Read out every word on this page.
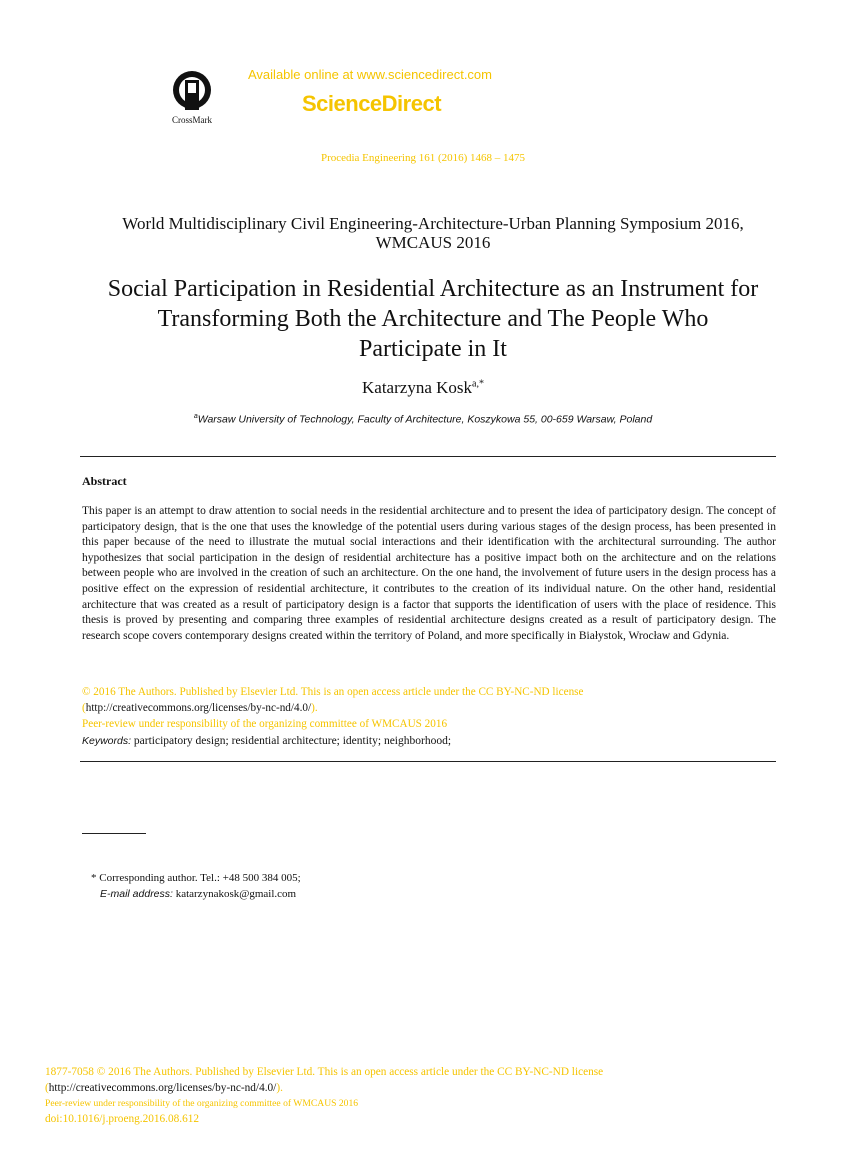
CrossMark
Available online at www.sciencedirect.com
ScienceDirect
Procedia Engineering 161 (2016) 1468 – 1475
World Multidisciplinary Civil Engineering-Architecture-Urban Planning Symposium 2016,
WMCAUS 2016
Social Participation in Residential Architecture as an Instrument for
Transforming Both the Architecture and The People Who
Participate in It
Katarzyna Kosk$^{a,*}$
$^a$Warsaw University of Technology, Faculty of Architecture, Koszykowa 55, 00-659 Warsaw, Poland
Abstract
This paper is an attempt to draw attention to social needs in the residential architecture and to present the idea of participatory design. The concept of participatory design, that is the one that uses the knowledge of the potential users during various stages of the design process, has been presented in this paper because of the need to illustrate the mutual social interactions and their identification with the architectural surrounding. The author hypothesizes that social participation in the design of residential architecture has a positive impact both on the architecture and on the relations between people who are involved in the creation of such an architecture. On the one hand, the involvement of future users in the design process has a positive effect on the expression of residential architecture, it contributes to the creation of its individual nature. On the other hand, residential architecture that was created as a result of participatory design is a factor that supports the identification of users with the place of residence. This thesis is proved by presenting and comparing three examples of residential architecture designs created as a result of participatory design. The research scope covers contemporary designs created within the territory of Poland, and more specifically in Białystok, Wrocław and Gdynia.
© 2016 The Authors. Published by Elsevier Ltd. This is an open access article under the CC BY-NC-ND license
(http://creativecommons.org/licenses/by-nc-nd/4.0/).
Peer-review under responsibility of the organizing committee of WMCAUS 2016
Keywords: participatory design; residential architecture; identity; neighborhood;
* Corresponding author. Tel.: +48 500 384 005;
E-mail address: katarzynakosk@gmail.com
1877-7058 © 2016 The Authors. Published by Elsevier Ltd. This is an open access article under the CC BY-NC-ND license
(http://creativecommons.org/licenses/by-nc-nd/4.0/).
Peer-review under responsibility of the organizing committee of WMCAUS 2016
doi:10.1016/j.proeng.2016.08.612
